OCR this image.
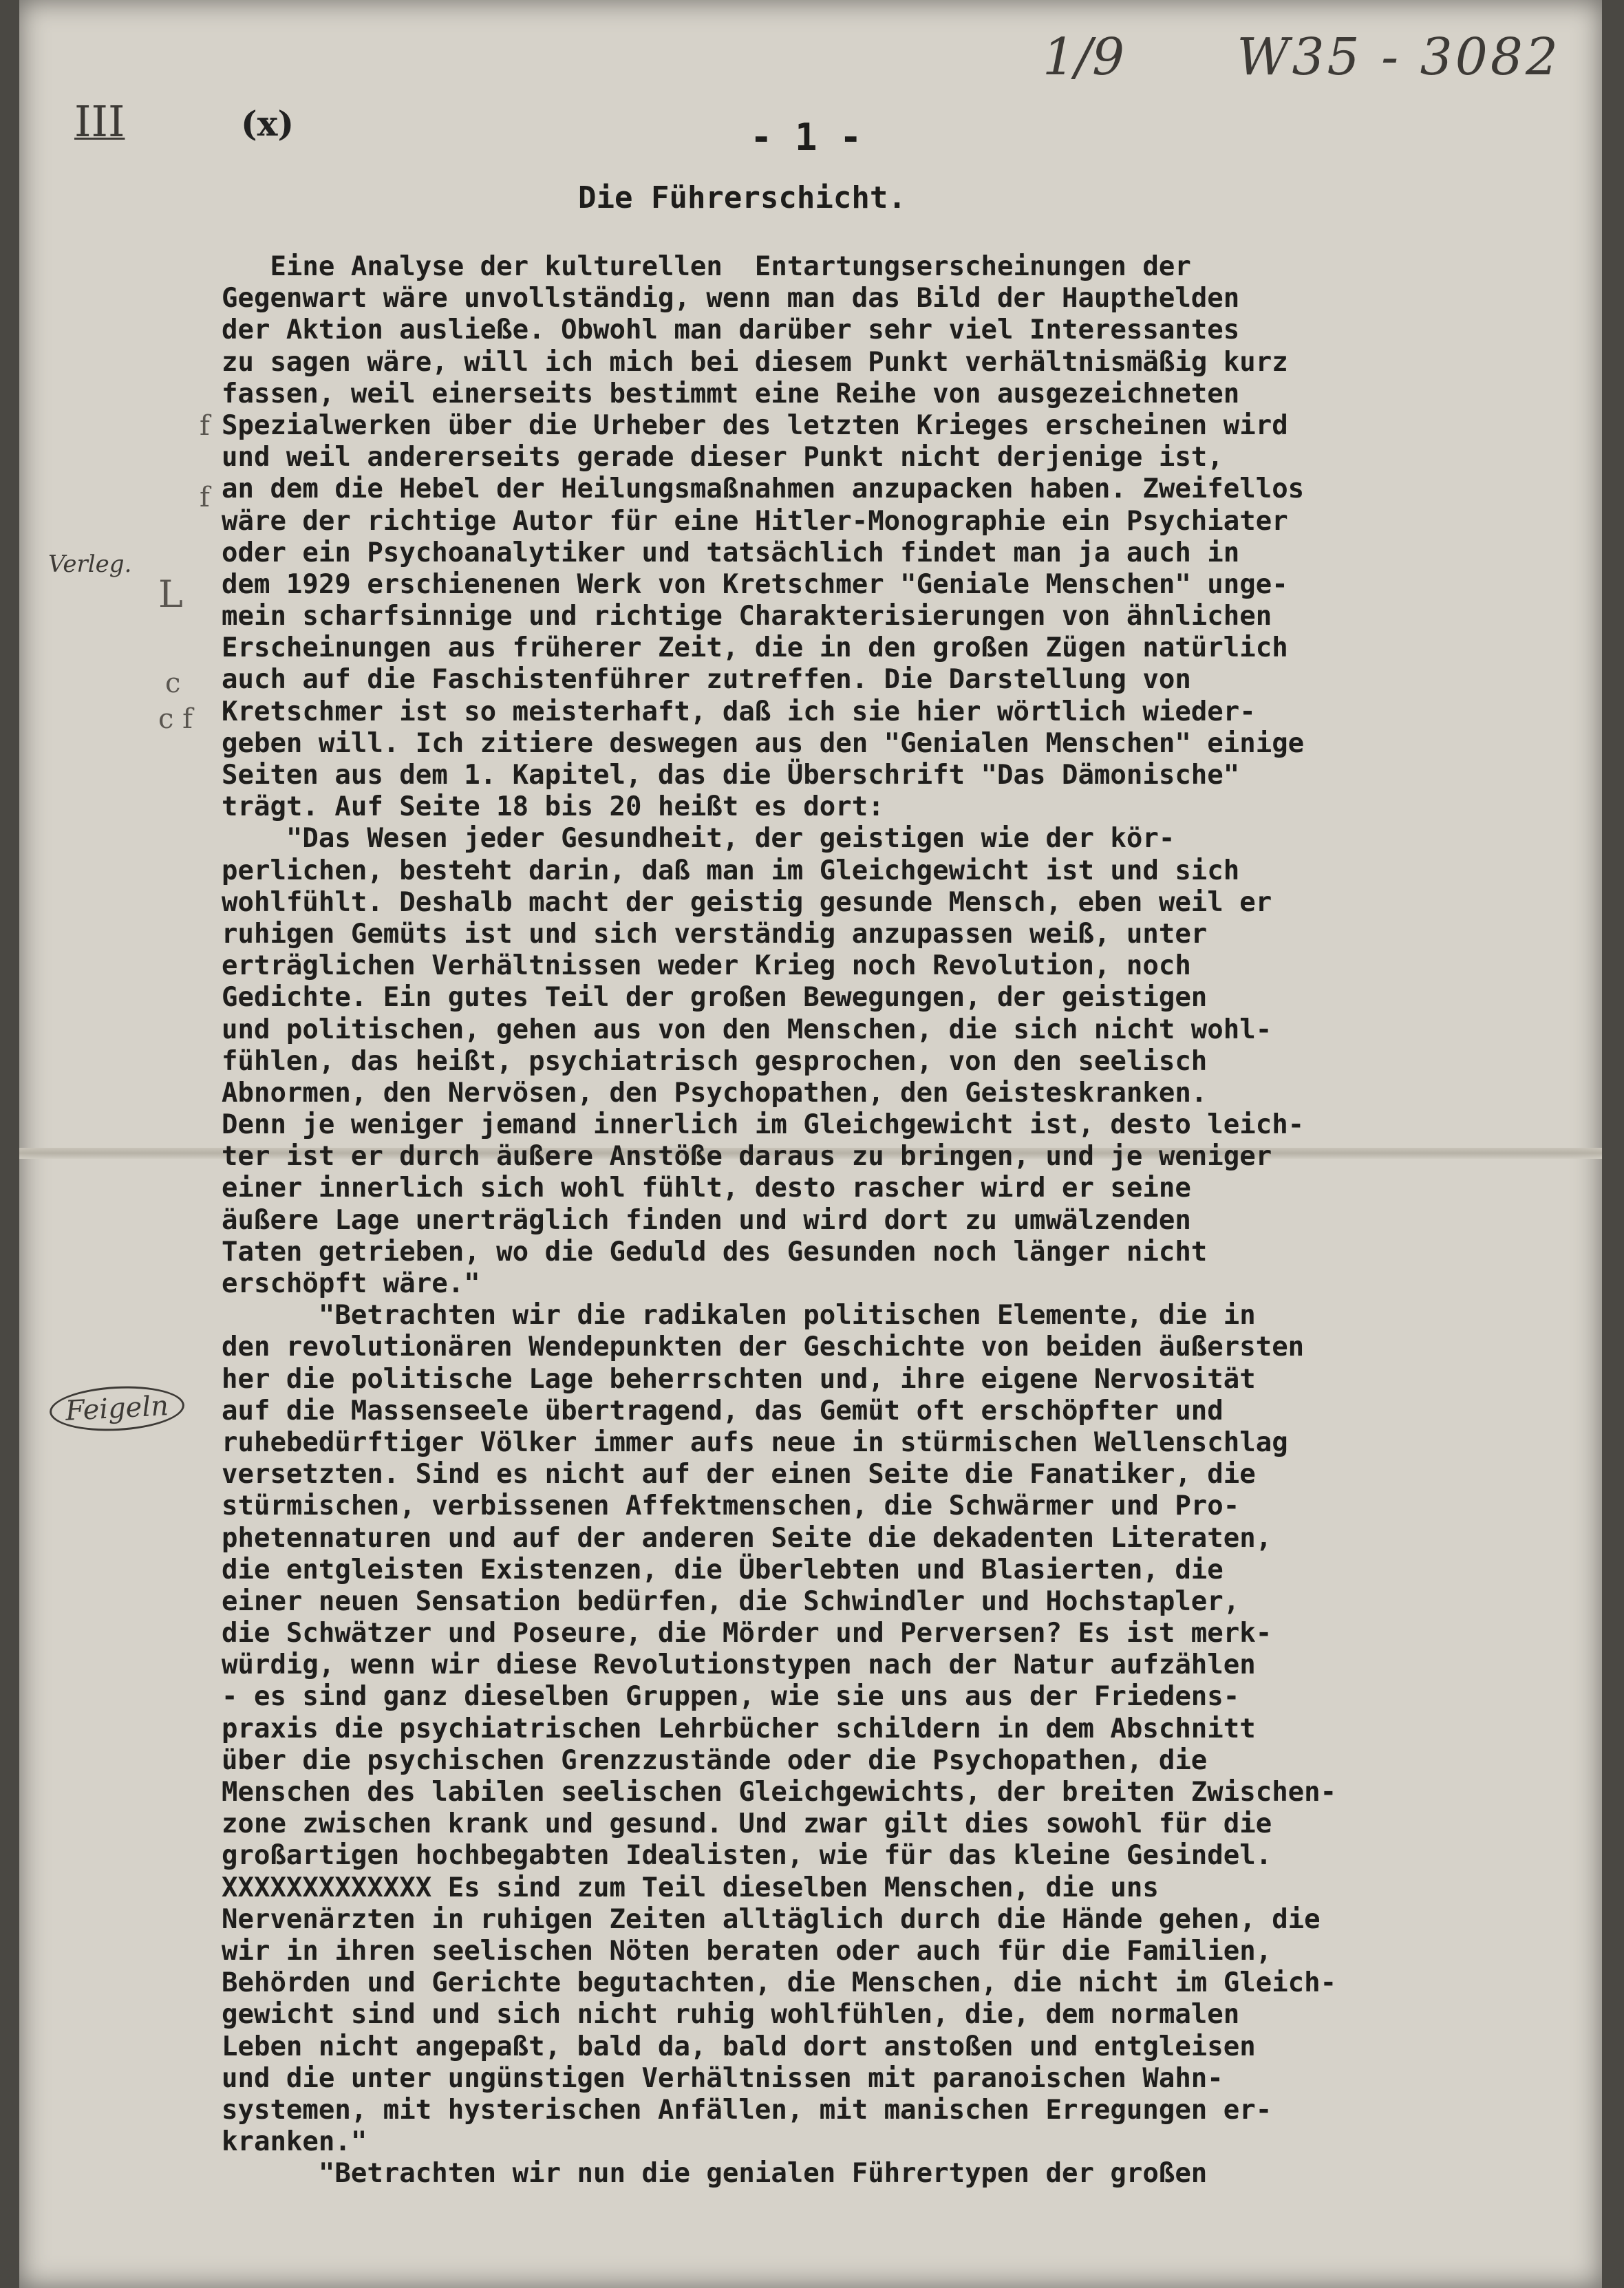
III	(x)
1/9 W35 - 3082
Verleg.
Feigeln
f
f
L
c
c f
- 1 -
Die Führerschicht.
Eine Analyse der kulturellen  Entartungserscheinungen der
Gegenwart wäre unvollständig, wenn man das Bild der Haupthelden
der Aktion ausließe. Obwohl man darüber sehr viel Interessantes
zu sagen wäre, will ich mich bei diesem Punkt verhältnismäßig kurz
fassen, weil einerseits bestimmt eine Reihe von ausgezeichneten
Spezialwerken über die Urheber des letzten Krieges erscheinen wird
und weil andererseits gerade dieser Punkt nicht derjenige ist,
an dem die Hebel der Heilungsmaßnahmen anzupacken haben. Zweifellos
wäre der richtige Autor für eine Hitler-Monographie ein Psychiater
oder ein Psychoanalytiker und tatsächlich findet man ja auch in
dem 1929 erschienenen Werk von Kretschmer "Geniale Menschen" unge-
mein scharfsinnige und richtige Charakterisierungen von ähnlichen
Erscheinungen aus früherer Zeit, die in den großen Zügen natürlich
auch auf die Faschistenführer zutreffen. Die Darstellung von
Kretschmer ist so meisterhaft, daß ich sie hier wörtlich wieder-
geben will. Ich zitiere deswegen aus den "Genialen Menschen" einige
Seiten aus dem 1. Kapitel, das die Überschrift "Das Dämonische"
trägt. Auf Seite 18 bis 20 heißt es dort:
"Das Wesen jeder Gesundheit, der geistigen wie der kör-
perlichen, besteht darin, daß man im Gleichgewicht ist und sich
wohlfühlt. Deshalb macht der geistig gesunde Mensch, eben weil er
ruhigen Gemüts ist und sich verständig anzupassen weiß, unter
erträglichen Verhältnissen weder Krieg noch Revolution, noch
Gedichte. Ein gutes Teil der großen Bewegungen, der geistigen
und politischen, gehen aus von den Menschen, die sich nicht wohl-
fühlen, das heißt, psychiatrisch gesprochen, von den seelisch
Abnormen, den Nervösen, den Psychopathen, den Geisteskranken.
Denn je weniger jemand innerlich im Gleichgewicht ist, desto leich-
ter ist er durch äußere Anstöße daraus zu bringen, und je weniger
einer innerlich sich wohl fühlt, desto rascher wird er seine
äußere Lage unerträglich finden und wird dort zu umwälzenden
Taten getrieben, wo die Geduld des Gesunden noch länger nicht
erschöpft wäre."
"Betrachten wir die radikalen politischen Elemente, die in
den revolutionären Wendepunkten der Geschichte von beiden äußersten
her die politische Lage beherrschten und, ihre eigene Nervosität
auf die Massenseele übertragend, das Gemüt oft erschöpfter und
ruhebedürftiger Völker immer aufs neue in stürmischen Wellenschlag
versetzten. Sind es nicht auf der einen Seite die Fanatiker, die
stürmischen, verbissenen Affektmenschen, die Schwärmer und Pro-
phetennaturen und auf der anderen Seite die dekadenten Literaten,
die entgleisten Existenzen, die Überlebten und Blasierten, die
einer neuen Sensation bedürfen, die Schwindler und Hochstapler,
die Schwätzer und Poseure, die Mörder und Perversen? Es ist merk-
würdig, wenn wir diese Revolutionstypen nach der Natur aufzählen
- es sind ganz dieselben Gruppen, wie sie uns aus der Friedens-
praxis die psychiatrischen Lehrbücher schildern in dem Abschnitt
über die psychischen Grenzzustände oder die Psychopathen, die
Menschen des labilen seelischen Gleichgewichts, der breiten Zwischen-
zone zwischen krank und gesund. Und zwar gilt dies sowohl für die
großartigen hochbegabten Idealisten, wie für das kleine Gesindel.
XXXXXXXXXXXXX Es sind zum Teil dieselben Menschen, die uns
Nervenärzten in ruhigen Zeiten alltäglich durch die Hände gehen, die
wir in ihren seelischen Nöten beraten oder auch für die Familien,
Behörden und Gerichte begutachten, die Menschen, die nicht im Gleich-
gewicht sind und sich nicht ruhig wohlfühlen, die, dem normalen
Leben nicht angepaßt, bald da, bald dort anstoßen und entgleisen
und die unter ungünstigen Verhältnissen mit paranoischen Wahn-
systemen, mit hysterischen Anfällen, mit manischen Erregungen er-
kranken."
"Betrachten wir nun die genialen Führertypen der großen
